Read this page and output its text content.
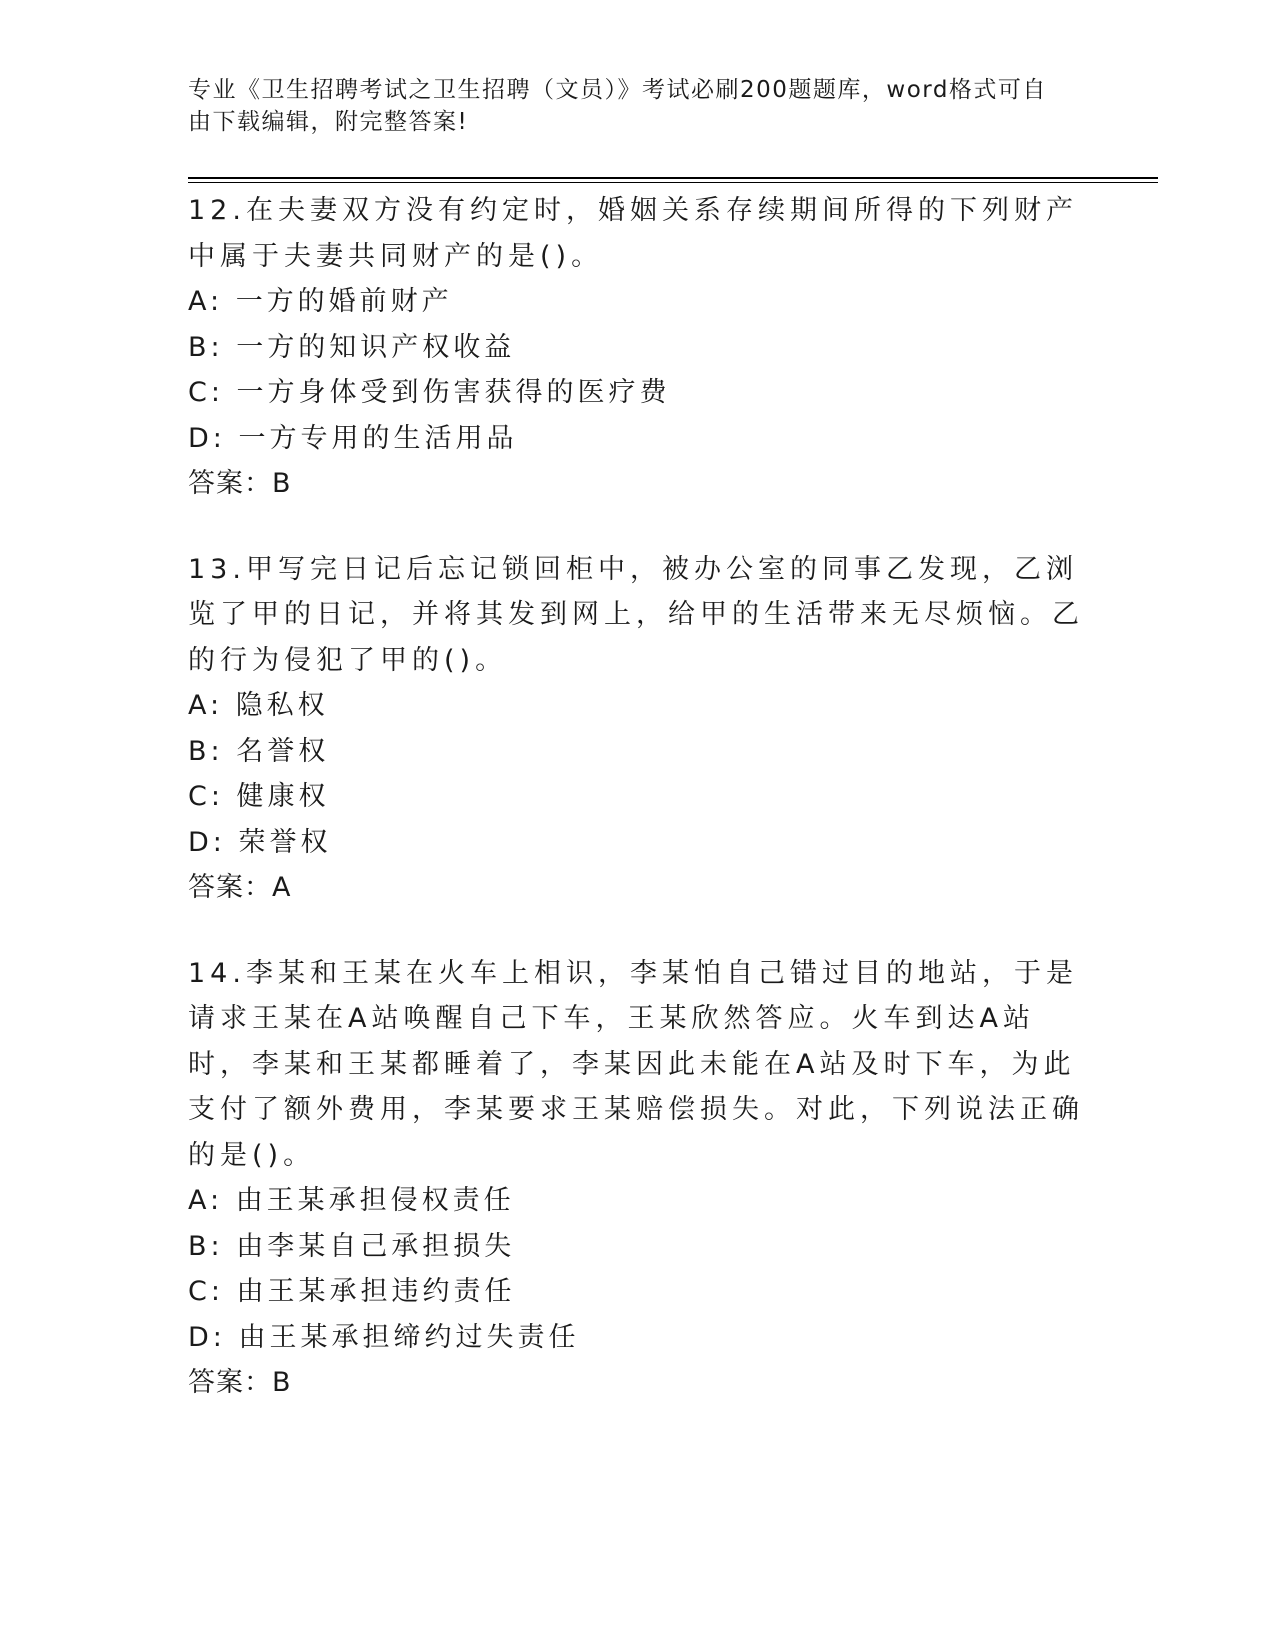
专业《卫生招聘考试之卫生招聘（文员）》考试必刷200题题库，word格式可自由下载编辑，附完整答案!

12.在夫妻双方没有约定时，婚姻关系存续期间所得的下列财产中属于夫妻共同财产的是()。

A: 一方的婚前财产

B: 一方的知识产权收益

C: 一方身体受到伤害获得的医疗费

D: 一方专用的生活用品

答案：B

13.甲写完日记后忘记锁回柜中，被办公室的同事乙发现，乙浏览了甲的日记，并将其发到网上，给甲的生活带来无尽烦恼。乙的行为侵犯了甲的()。

A: 隐私权

B: 名誉权

C: 健康权

D: 荣誉权

答案：A

14.李某和王某在火车上相识，李某怕自己错过目的地站，于是请求王某在A站唤醒自己下车，王某欣然答应。火车到达A站时，李某和王某都睡着了，李某因此未能在A站及时下车，为此支付了额外费用，李某要求王某赔偿损失。对此，下列说法正确的是()。

A: 由王某承担侵权责任

B: 由李某自己承担损失

C: 由王某承担违约责任

D: 由王某承担缔约过失责任

答案：B
